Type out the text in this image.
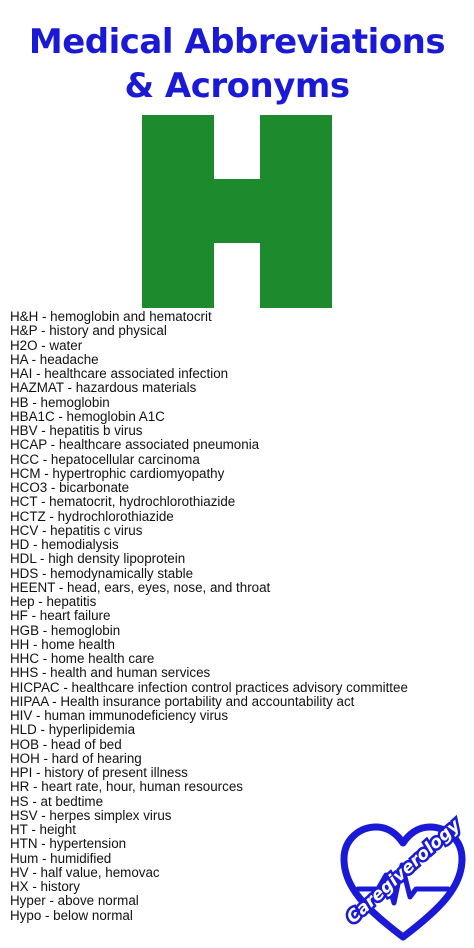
Medical Abbreviations
& Acronyms
H&H - hemoglobin and hematocrit
H&P - history and physical
H2O - water
HA - headache
HAI - healthcare associated infection
HAZMAT - hazardous materials
HB - hemoglobin
HBA1C - hemoglobin A1C
HBV - hepatitis b virus
HCAP - healthcare associated pneumonia
HCC - hepatocellular carcinoma
HCM - hypertrophic cardiomyopathy
HCO3 - bicarbonate
HCT - hematocrit, hydrochlorothiazide
HCTZ - hydrochlorothiazide
HCV - hepatitis c virus
HD - hemodialysis
HDL - high density lipoprotein
HDS - hemodynamically stable
HEENT - head, ears, eyes, nose, and throat
Hep - hepatitis
HF - heart failure
HGB - hemoglobin
HH - home health
HHC - home health care
HHS - health and human services
HICPAC - healthcare infection control practices advisory committee
HIPAA - Health insurance portability and accountability act
HIV - human immunodeficiency virus
HLD - hyperlipidemia
HOB - head of bed
HOH - hard of hearing
HPI - history of present illness
HR - heart rate, hour, human resources
HS - at bedtime
HSV - herpes simplex virus
HT - height
HTN - hypertension
Hum - humidified
HV - half value, hemovac
HX - history
Hyper - above normal
Hypo - below normal	Caregiverology
